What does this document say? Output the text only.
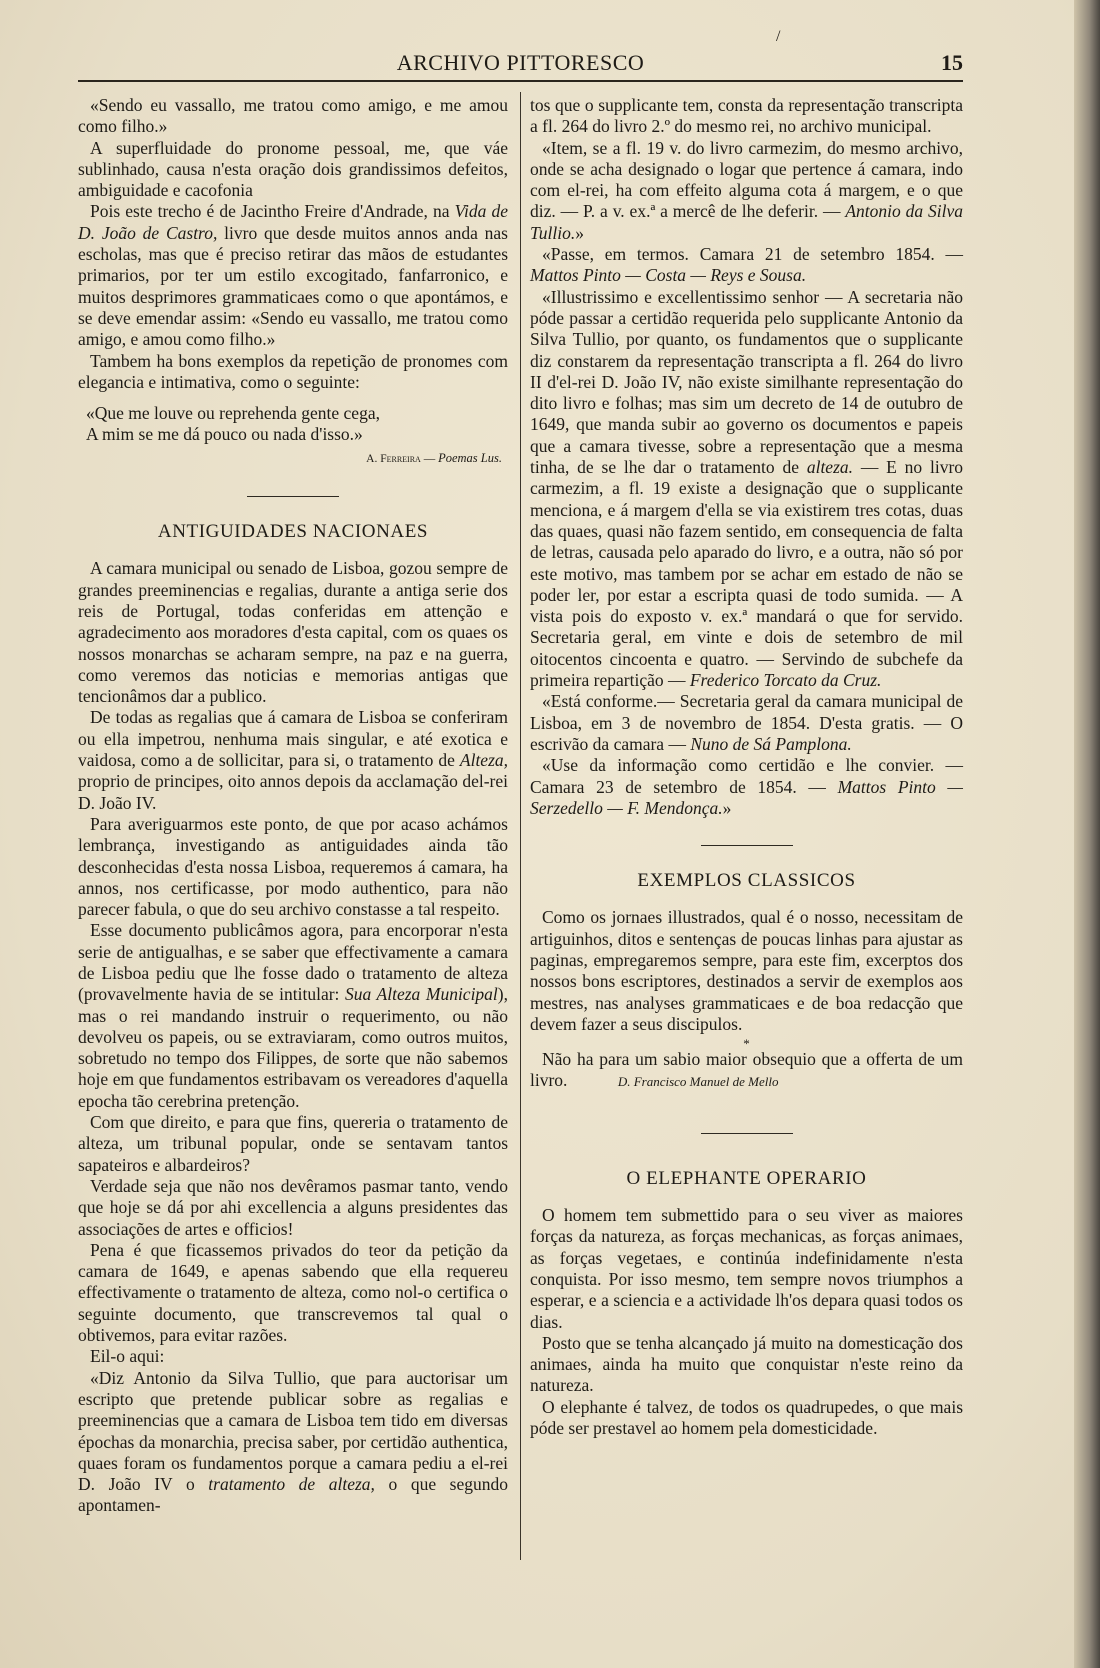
/
ARCHIVO PITTORESCO	15

«Sendo eu vassallo, me tratou como amigo, e me amou como filho.»

A superfluidade do pronome pessoal, me, que váe sublinhado, causa n'esta oração dois grandissimos defeitos, ambiguidade e cacofonia

Pois este trecho é de Jacintho Freire d'Andrade, na Vida de D. João de Castro, livro que desde muitos annos anda nas escholas, mas que é preciso retirar das mãos de estudantes primarios, por ter um estilo excogitado, fanfarronico, e muitos desprimores grammaticaes como o que apontámos, e se deve emendar assim: «Sendo eu vassallo, me tratou como amigo, e amou como filho.»

Tambem ha bons exemplos da repetição de pronomes com elegancia e intimativa, como o seguinte:

«Que me louve ou reprehenda gente cega,
A mim se me dá pouco ou nada d'isso.»
A. Ferreira — Poemas Lus.
ANTIGUIDADES NACIONAES

A camara municipal ou senado de Lisboa, gozou sempre de grandes preeminencias e regalias, durante a antiga serie dos reis de Portugal, todas conferidas em attenção e agradecimento aos moradores d'esta capital, com os quaes os nossos monarchas se acharam sempre, na paz e na guerra, como veremos das noticias e memorias antigas que tencionâmos dar a publico.

De todas as regalias que á camara de Lisboa se conferiram ou ella impetrou, nenhuma mais singular, e até exotica e vaidosa, como a de sollicitar, para si, o tratamento de Alteza, proprio de principes, oito annos depois da acclamação del-rei D. João IV.

Para averiguarmos este ponto, de que por acaso achámos lembrança, investigando as antiguidades ainda tão desconhecidas d'esta nossa Lisboa, requeremos á camara, ha annos, nos certificasse, por modo authentico, para não parecer fabula, o que do seu archivo constasse a tal respeito.

Esse documento publicâmos agora, para encorporar n'esta serie de antigualhas, e se saber que effectivamente a camara de Lisboa pediu que lhe fosse dado o tratamento de alteza (provavelmente havia de se intitular: Sua Alteza Municipal), mas o rei mandando instruir o requerimento, ou não devolveu os papeis, ou se extraviaram, como outros muitos, sobretudo no tempo dos Filippes, de sorte que não sabemos hoje em que fundamentos estribavam os vereadores d'aquella epocha tão cerebrina pretenção.

Com que direito, e para que fins, quereria o tratamento de alteza, um tribunal popular, onde se sentavam tantos sapateiros e albardeiros?

Verdade seja que não nos devêramos pasmar tanto, vendo que hoje se dá por ahi excellencia a alguns presidentes das associações de artes e officios!

Pena é que ficassemos privados do teor da petição da camara de 1649, e apenas sabendo que ella requereu effectivamente o tratamento de alteza, como nol-o certifica o seguinte documento, que transcrevemos tal qual o obtivemos, para evitar razões.

Eil-o aqui:

«Diz Antonio da Silva Tullio, que para auctorisar um escripto que pretende publicar sobre as regalias e preeminencias que a camara de Lisboa tem tido em diversas épochas da monarchia, precisa saber, por certidão authentica, quaes foram os fundamentos porque a camara pediu a el-rei D. João IV o tratamento de alteza, o que segundo apontamen-

tos que o supplicante tem, consta da representação transcripta a fl. 264 do livro 2.º do mesmo rei, no archivo municipal.

«Item, se a fl. 19 v. do livro carmezim, do mesmo archivo, onde se acha designado o logar que pertence á camara, indo com el-rei, ha com effeito alguma cota á margem, e o que diz. — P. a v. ex.ª a mercê de lhe deferir. — Antonio da Silva Tullio.»

«Passe, em termos. Camara 21 de setembro 1854. — Mattos Pinto — Costa — Reys e Sousa.

«Illustrissimo e excellentissimo senhor — A secretaria não póde passar a certidão requerida pelo supplicante Antonio da Silva Tullio, por quanto, os fundamentos que o supplicante diz constarem da representação transcripta a fl. 264 do livro II d'el-rei D. João IV, não existe similhante representação do dito livro e folhas; mas sim um decreto de 14 de outubro de 1649, que manda subir ao governo os documentos e papeis que a camara tivesse, sobre a representação que a mesma tinha, de se lhe dar o tratamento de alteza. — E no livro carmezim, a fl. 19 existe a designação que o supplicante menciona, e á margem d'ella se via existirem tres cotas, duas das quaes, quasi não fazem sentido, em consequencia de falta de letras, causada pelo aparado do livro, e a outra, não só por este motivo, mas tambem por se achar em estado de não se poder ler, por estar a escripta quasi de todo sumida. — A vista pois do exposto v. ex.ª mandará o que for servido. Secretaria geral, em vinte e dois de setembro de mil oitocentos cincoenta e quatro. — Servindo de subchefe da primeira repartição — Frederico Torcato da Cruz.

«Está conforme.— Secretaria geral da camara municipal de Lisboa, em 3 de novembro de 1854. D'esta gratis. — O escrivão da camara — Nuno de Sá Pamplona.

«Use da informação como certidão e lhe convier. — Camara 23 de setembro de 1854. — Mattos Pinto — Serzedello — F. Mendonça.»

EXEMPLOS CLASSICOS

Como os jornaes illustrados, qual é o nosso, necessitam de artiguinhos, ditos e sentenças de poucas linhas para ajustar as paginas, empregaremos sempre, para este fim, excerptos dos nossos bons escriptores, destinados a servir de exemplos aos mestres, nas analyses grammaticaes e de boa redacção que devem fazer a seus discipulos.

*

Não ha para um sabio maior obsequio que a offerta de um livro.	D. Francisco Manuel de Mello

O ELEPHANTE OPERARIO

O homem tem submettido para o seu viver as maiores forças da natureza, as forças mechanicas, as forças animaes, as forças vegetaes, e continúa indefinidamente n'esta conquista. Por isso mesmo, tem sempre novos triumphos a esperar, e a sciencia e a actividade lh'os depara quasi todos os dias.

Posto que se tenha alcançado já muito na domesticação dos animaes, ainda ha muito que conquistar n'este reino da natureza.

O elephante é talvez, de todos os quadrupedes, o que mais póde ser prestavel ao homem pela domesticidade.
